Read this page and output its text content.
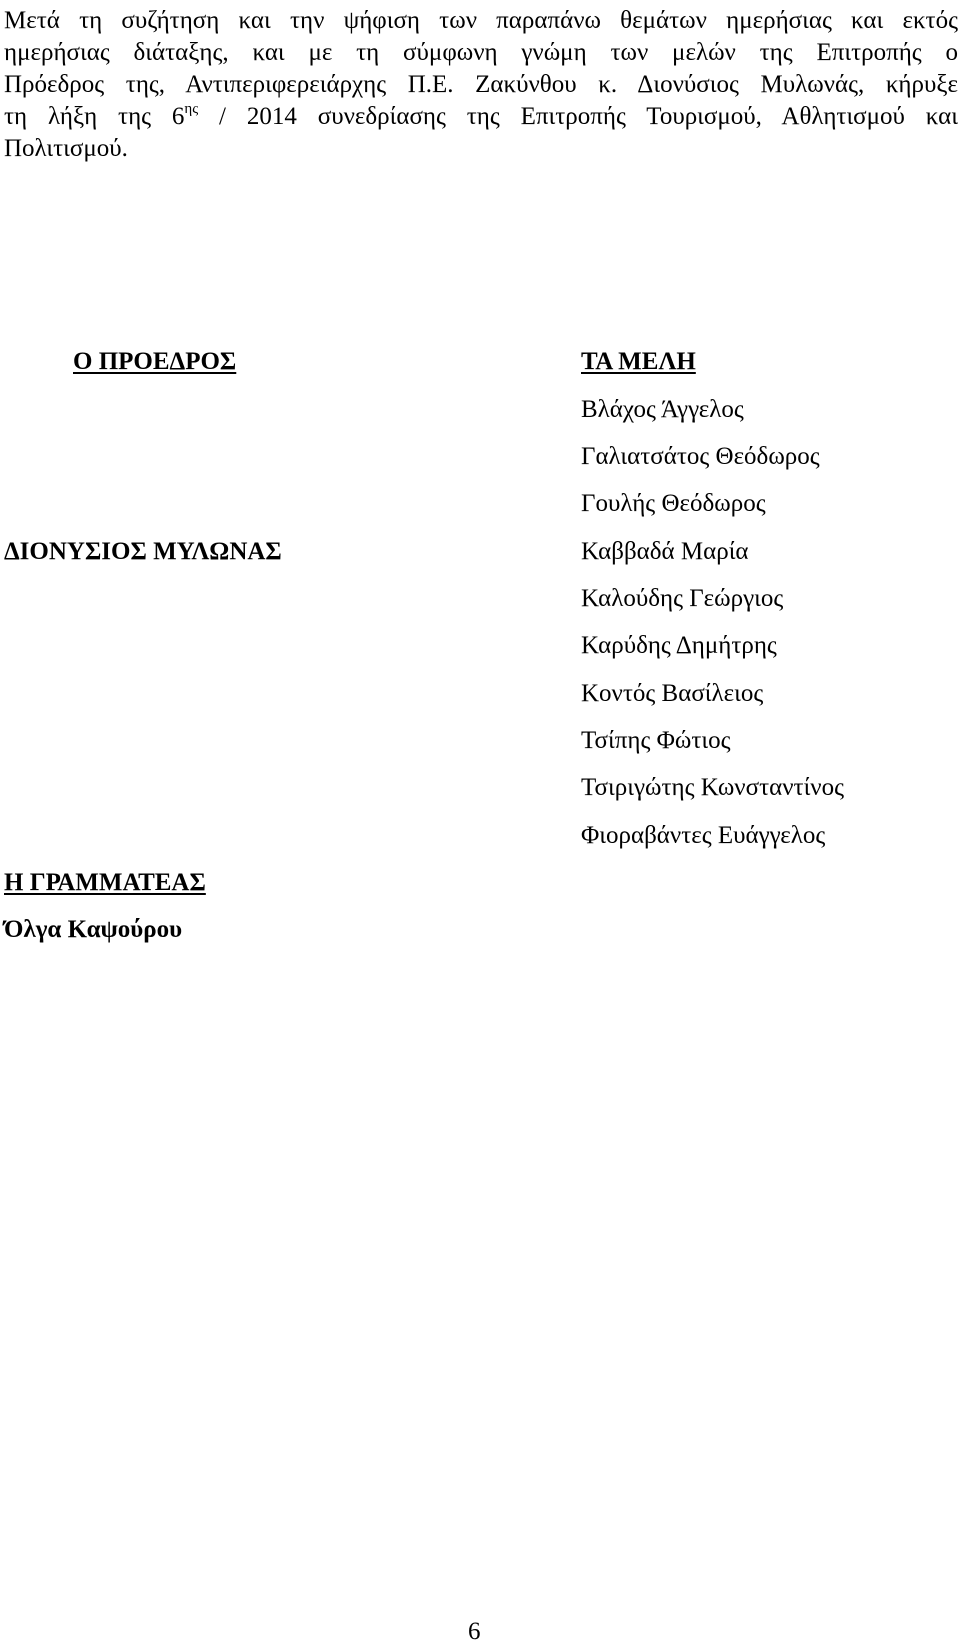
Μετά τη συζήτηση και την ψήφιση των παραπάνω θεμάτων ημερήσιας και εκτός
ημερήσιας διάταξης, και με τη σύμφωνη γνώμη των μελών της Επιτροπής ο
Πρόεδρος της, Αντιπεριφερειάρχης Π.Ε. Ζακύνθου κ. Διονύσιος Μυλωνάς, κήρυξε
τη λήξη της $6^{\eta\varsigma} / 2014$ συνεδρίασης της Επιτροπής Τουρισμού, Αθλητισμού και
Πολιτισμού.

Ο ΠΡΟΕΔΡΟΣ

ΔΙΟΝΥΣΙΟΣ ΜΥΛΩΝΑΣ

ΤΑ ΜΕΛΗ

Βλάχος Άγγελος

Γαλιατσάτος Θεόδωρος

Γουλής Θεόδωρος

Καββαδά Μαρία

Καλούδης Γεώργιος

Καρύδης Δημήτρης

Κοντός Βασίλειος

Τσίπης Φώτιος

Τσιριγώτης Κωνσταντίνος

Φιοραβάντες Ευάγγελος

Η ΓΡΑΜΜΑΤΕΑΣ

Όλγα Καψούρου

6
